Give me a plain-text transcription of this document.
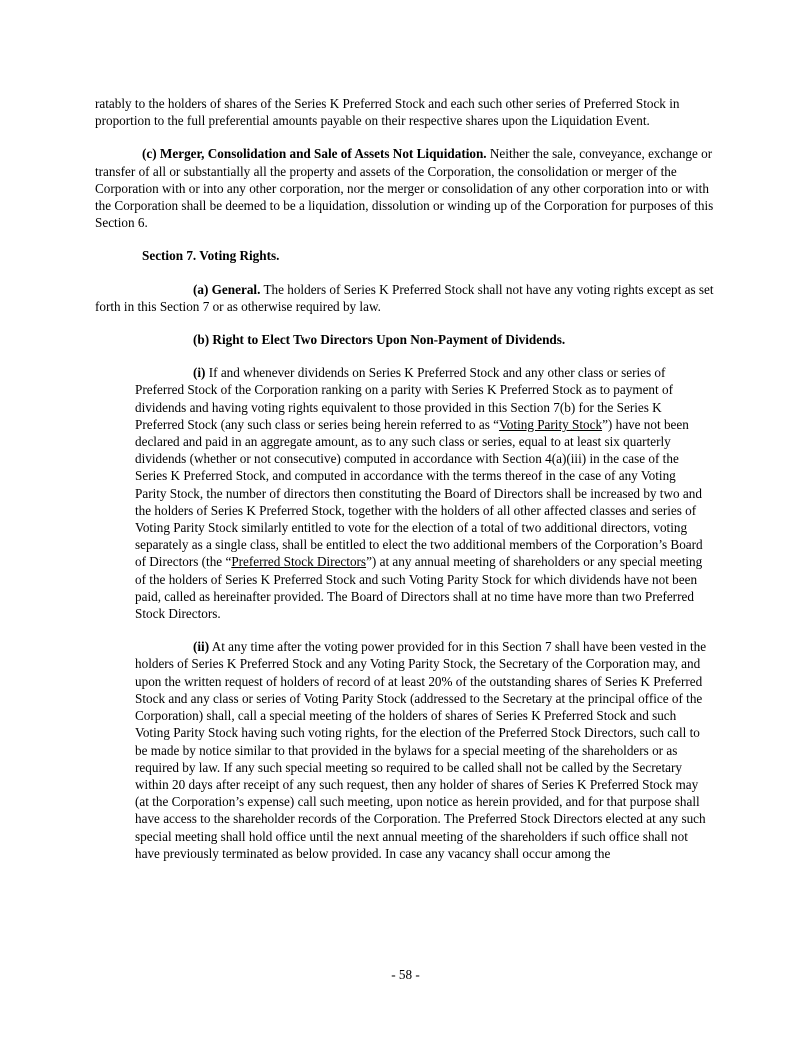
ratably to the holders of shares of the Series K Preferred Stock and each such other series of Preferred Stock in proportion to the full preferential amounts payable on their respective shares upon the Liquidation Event.

(c) Merger, Consolidation and Sale of Assets Not Liquidation. Neither the sale, conveyance, exchange or transfer of all or substantially all the property and assets of the Corporation, the consolidation or merger of the Corporation with or into any other corporation, nor the merger or consolidation of any other corporation into or with the Corporation shall be deemed to be a liquidation, dissolution or winding up of the Corporation for purposes of this Section 6.

Section 7. Voting Rights.

(a) General. The holders of Series K Preferred Stock shall not have any voting rights except as set forth in this Section 7 or as otherwise required by law.

(b) Right to Elect Two Directors Upon Non-Payment of Dividends.

(i) If and whenever dividends on Series K Preferred Stock and any other class or series of Preferred Stock of the Corporation ranking on a parity with Series K Preferred Stock as to payment of dividends and having voting rights equivalent to those provided in this Section 7(b) for the Series K Preferred Stock (any such class or series being herein referred to as “Voting Parity Stock”) have not been declared and paid in an aggregate amount, as to any such class or series, equal to at least six quarterly dividends (whether or not consecutive) computed in accordance with Section 4(a)(iii) in the case of the Series K Preferred Stock, and computed in accordance with the terms thereof in the case of any Voting Parity Stock, the number of directors then constituting the Board of Directors shall be increased by two and the holders of Series K Preferred Stock, together with the holders of all other affected classes and series of Voting Parity Stock similarly entitled to vote for the election of a total of two additional directors, voting separately as a single class, shall be entitled to elect the two additional members of the Corporation’s Board of Directors (the “Preferred Stock Directors”) at any annual meeting of shareholders or any special meeting of the holders of Series K Preferred Stock and such Voting Parity Stock for which dividends have not been paid, called as hereinafter provided. The Board of Directors shall at no time have more than two Preferred Stock Directors.

(ii) At any time after the voting power provided for in this Section 7 shall have been vested in the holders of Series K Preferred Stock and any Voting Parity Stock, the Secretary of the Corporation may, and upon the written request of holders of record of at least 20% of the outstanding shares of Series K Preferred Stock and any class or series of Voting Parity Stock (addressed to the Secretary at the principal office of the Corporation) shall, call a special meeting of the holders of shares of Series K Preferred Stock and such Voting Parity Stock having such voting rights, for the election of the Preferred Stock Directors, such call to be made by notice similar to that provided in the bylaws for a special meeting of the shareholders or as required by law. If any such special meeting so required to be called shall not be called by the Secretary within 20 days after receipt of any such request, then any holder of shares of Series K Preferred Stock may (at the Corporation’s expense) call such meeting, upon notice as herein provided, and for that purpose shall have access to the shareholder records of the Corporation. The Preferred Stock Directors elected at any such special meeting shall hold office until the next annual meeting of the shareholders if such office shall not have previously terminated as below provided. In case any vacancy shall occur among the

- 58 -
